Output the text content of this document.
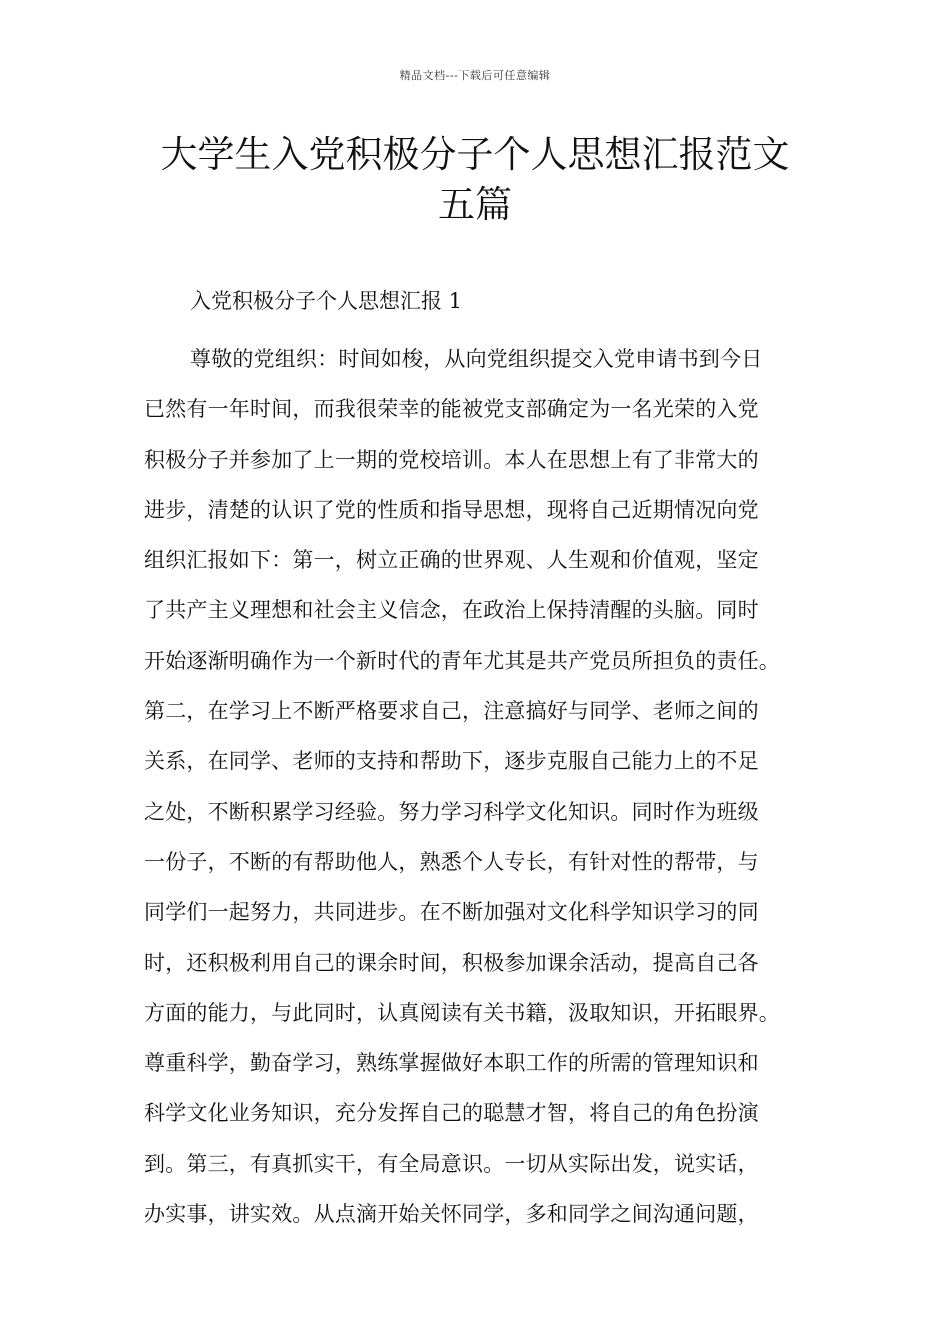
精品文档---下载后可任意编辑
大学生入党积极分子个人思想汇报范文
五篇
入党积极分子个人思想汇报 1
尊敬的党组织：时间如梭，从向党组织提交入党申请书到今日
已然有一年时间，而我很荣幸的能被党支部确定为一名光荣的入党
积极分子并参加了上一期的党校培训。本人在思想上有了非常大的
进步，清楚的认识了党的性质和指导思想，现将自己近期情况向党
组织汇报如下：第一，树立正确的世界观、人生观和价值观，坚定
了共产主义理想和社会主义信念，在政治上保持清醒的头脑。同时
开始逐渐明确作为一个新时代的青年尤其是共产党员所担负的责任。
第二，在学习上不断严格要求自己，注意搞好与同学、老师之间的
关系，在同学、老师的支持和帮助下，逐步克服自己能力上的不足
之处，不断积累学习经验。努力学习科学文化知识。同时作为班级
一份子，不断的有帮助他人，熟悉个人专长，有针对性的帮带，与
同学们一起努力，共同进步。在不断加强对文化科学知识学习的同
时，还积极利用自己的课余时间，积极参加课余活动，提高自己各
方面的能力，与此同时，认真阅读有关书籍，汲取知识，开拓眼界。
尊重科学，勤奋学习，熟练掌握做好本职工作的所需的管理知识和
科学文化业务知识，充分发挥自己的聪慧才智，将自己的角色扮演
到。第三，有真抓实干，有全局意识。一切从实际出发，说实话，
办实事，讲实效。从点滴开始关怀同学，多和同学之间沟通问题，
